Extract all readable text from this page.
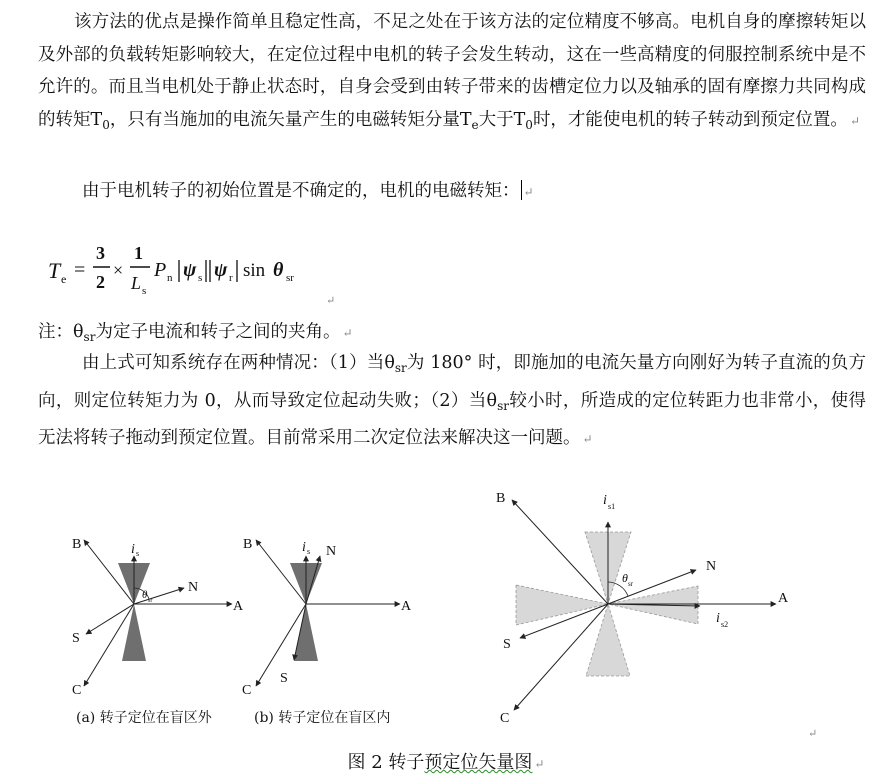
该方法的优点是操作简单且稳定性高，不足之处在于该方法的定位精度不够高。电机自身的摩擦转矩以及外部的负载转矩影响较大，在定位过程中电机的转子会发生转动，这在一些高精度的伺服控制系统中是不允许的。而且当电机处于静止状态时，自身会受到由转子带来的齿槽定位力以及轴承的固有摩擦力共同构成的转矩$T_0$，只有当施加的电流矢量产生的电磁转矩分量$T_e$大于$T_0$时，才能使电机的转子转动到预定位置。 ↵

由于电机转子的初始位置是不确定的，电机的电磁转矩： ↵

T e =
3
2
×
1
L s
P n ψ s ψ r sin θ sr
↵

注：$\theta_{sr}$为定子电流和转子之间的夹角。 ↵

由上式可知系统存在两种情况：（1）当$\theta_{sr}$为 180° 时，即施加的电流矢量方向刚好为转子直流的负方向，则定位转矩力为 0，从而导致定位起动失败；（2）当$\theta_{sr}$较小时，所造成的定位转距力也非常小，使得无法将转子拖动到预定位置。目前常采用二次定位法来解决这一问题。 ↵

A
B
C
N
S
i s
θ sr	A
B
C
N
S
i s
A
B
C
N
S
i s1
i s2
θ sr
↵
(a) 转子定位在盲区外	(b) 转子定位在盲区内
图 2 转子预定位矢量图 ↵
